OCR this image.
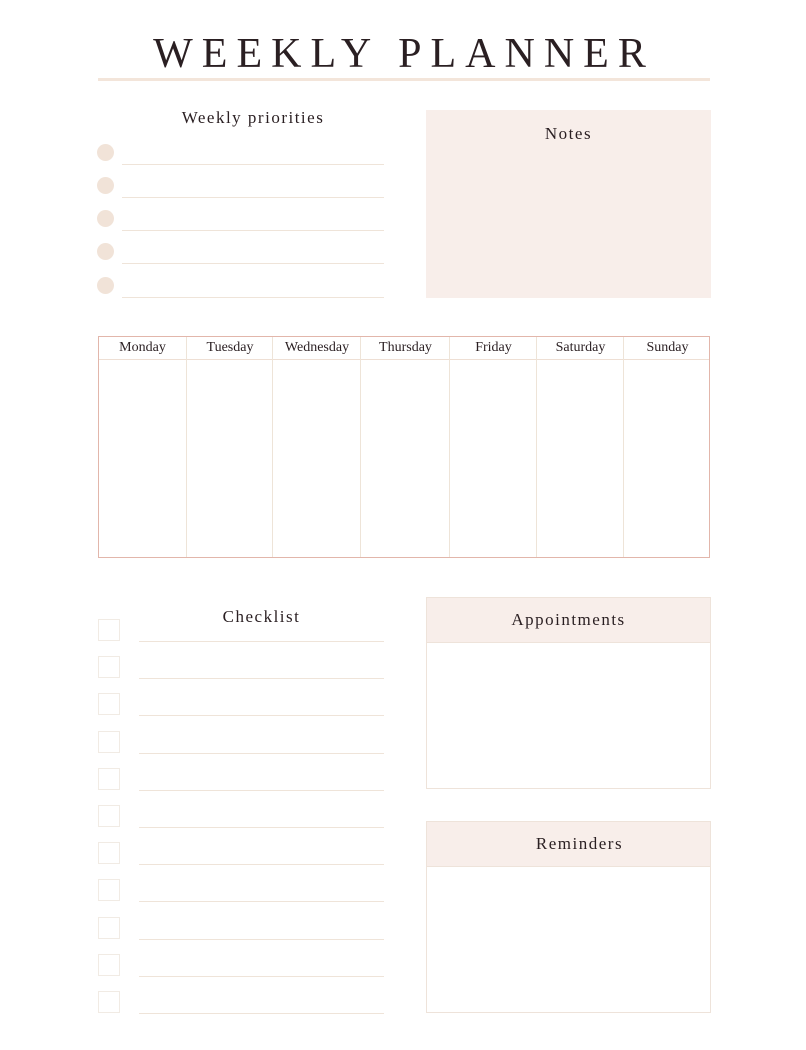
WEEKLY PLANNER
Weekly priorities
Notes
Monday	Tuesday	Wednesday	Thursday	Friday	Saturday	Sunday
Checklist	Appointments
Reminders
